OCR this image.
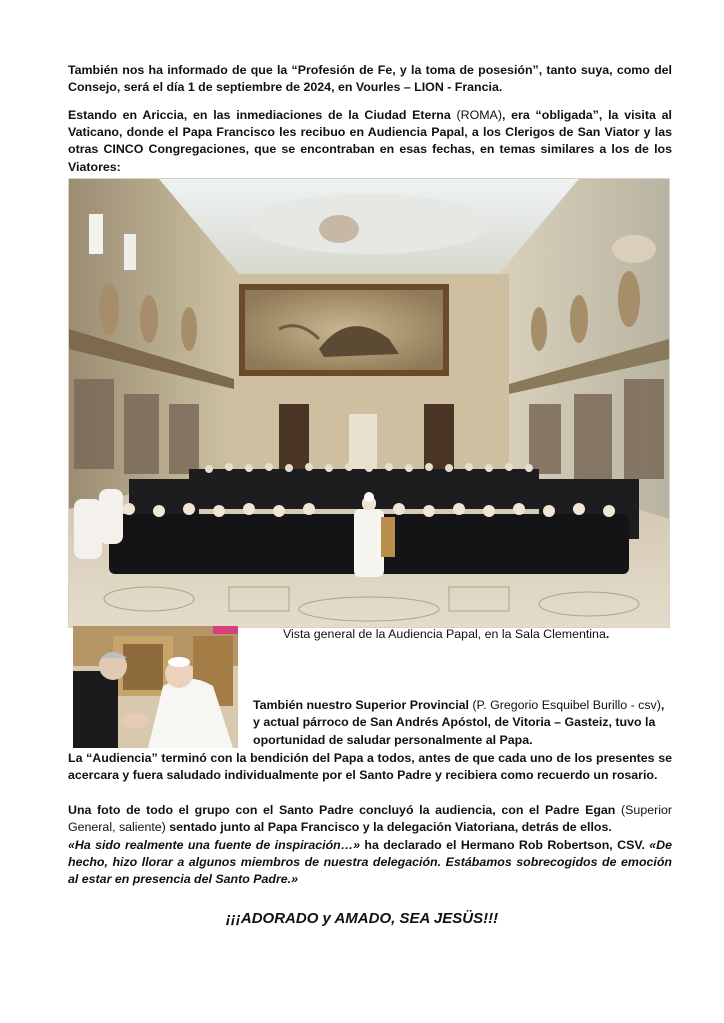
También nos ha informado de que la “Profesión de Fe, y la toma de posesión”, tanto suya, como del Consejo, será el día 1 de septiembre de 2024, en Vourles – LION - Francia.

Estando en Ariccia, en las inmediaciones de la Ciudad Eterna (ROMA), era “obligada”, la visita al Vaticano, donde el Papa Francisco les recibuo en Audiencia Papal, a los Clerigos de San Viator y las otras CINCO Congregaciones, que se encontraban en esas fechas, en temas similares a los de los Viatores:

Vista general de la Audiencia Papal, en la Sala Clementina.

También nuestro Superior Provincial (P. Gregorio Esquibel Burillo - csv), y actual párroco de San Andrés Apóstol, de Vitoria – Gasteiz, tuvo la oportunidad de saludar personalmente al Papa.

La “Audiencia” terminó con la bendición del Papa a todos, antes de que cada uno de los presentes se acercara y fuera saludado individualmente por el Santo Padre y recibiera como recuerdo un rosario.

Una foto de todo el grupo con el Santo Padre concluyó la audiencia, con el Padre Egan (Superior General, saliente) sentado junto al Papa Francisco y la delegación Viatoriana, detrás de ellos.

«Ha sido realmente una fuente de inspiración…» ha declarado el Hermano Rob Robertson, CSV. «De hecho, hizo llorar a algunos miembros de nuestra delegación. Estábamos sobrecogidos de emoción al estar en presencia del Santo Padre.»

¡¡¡ADORADO y AMADO, SEA JESÜS!!!
